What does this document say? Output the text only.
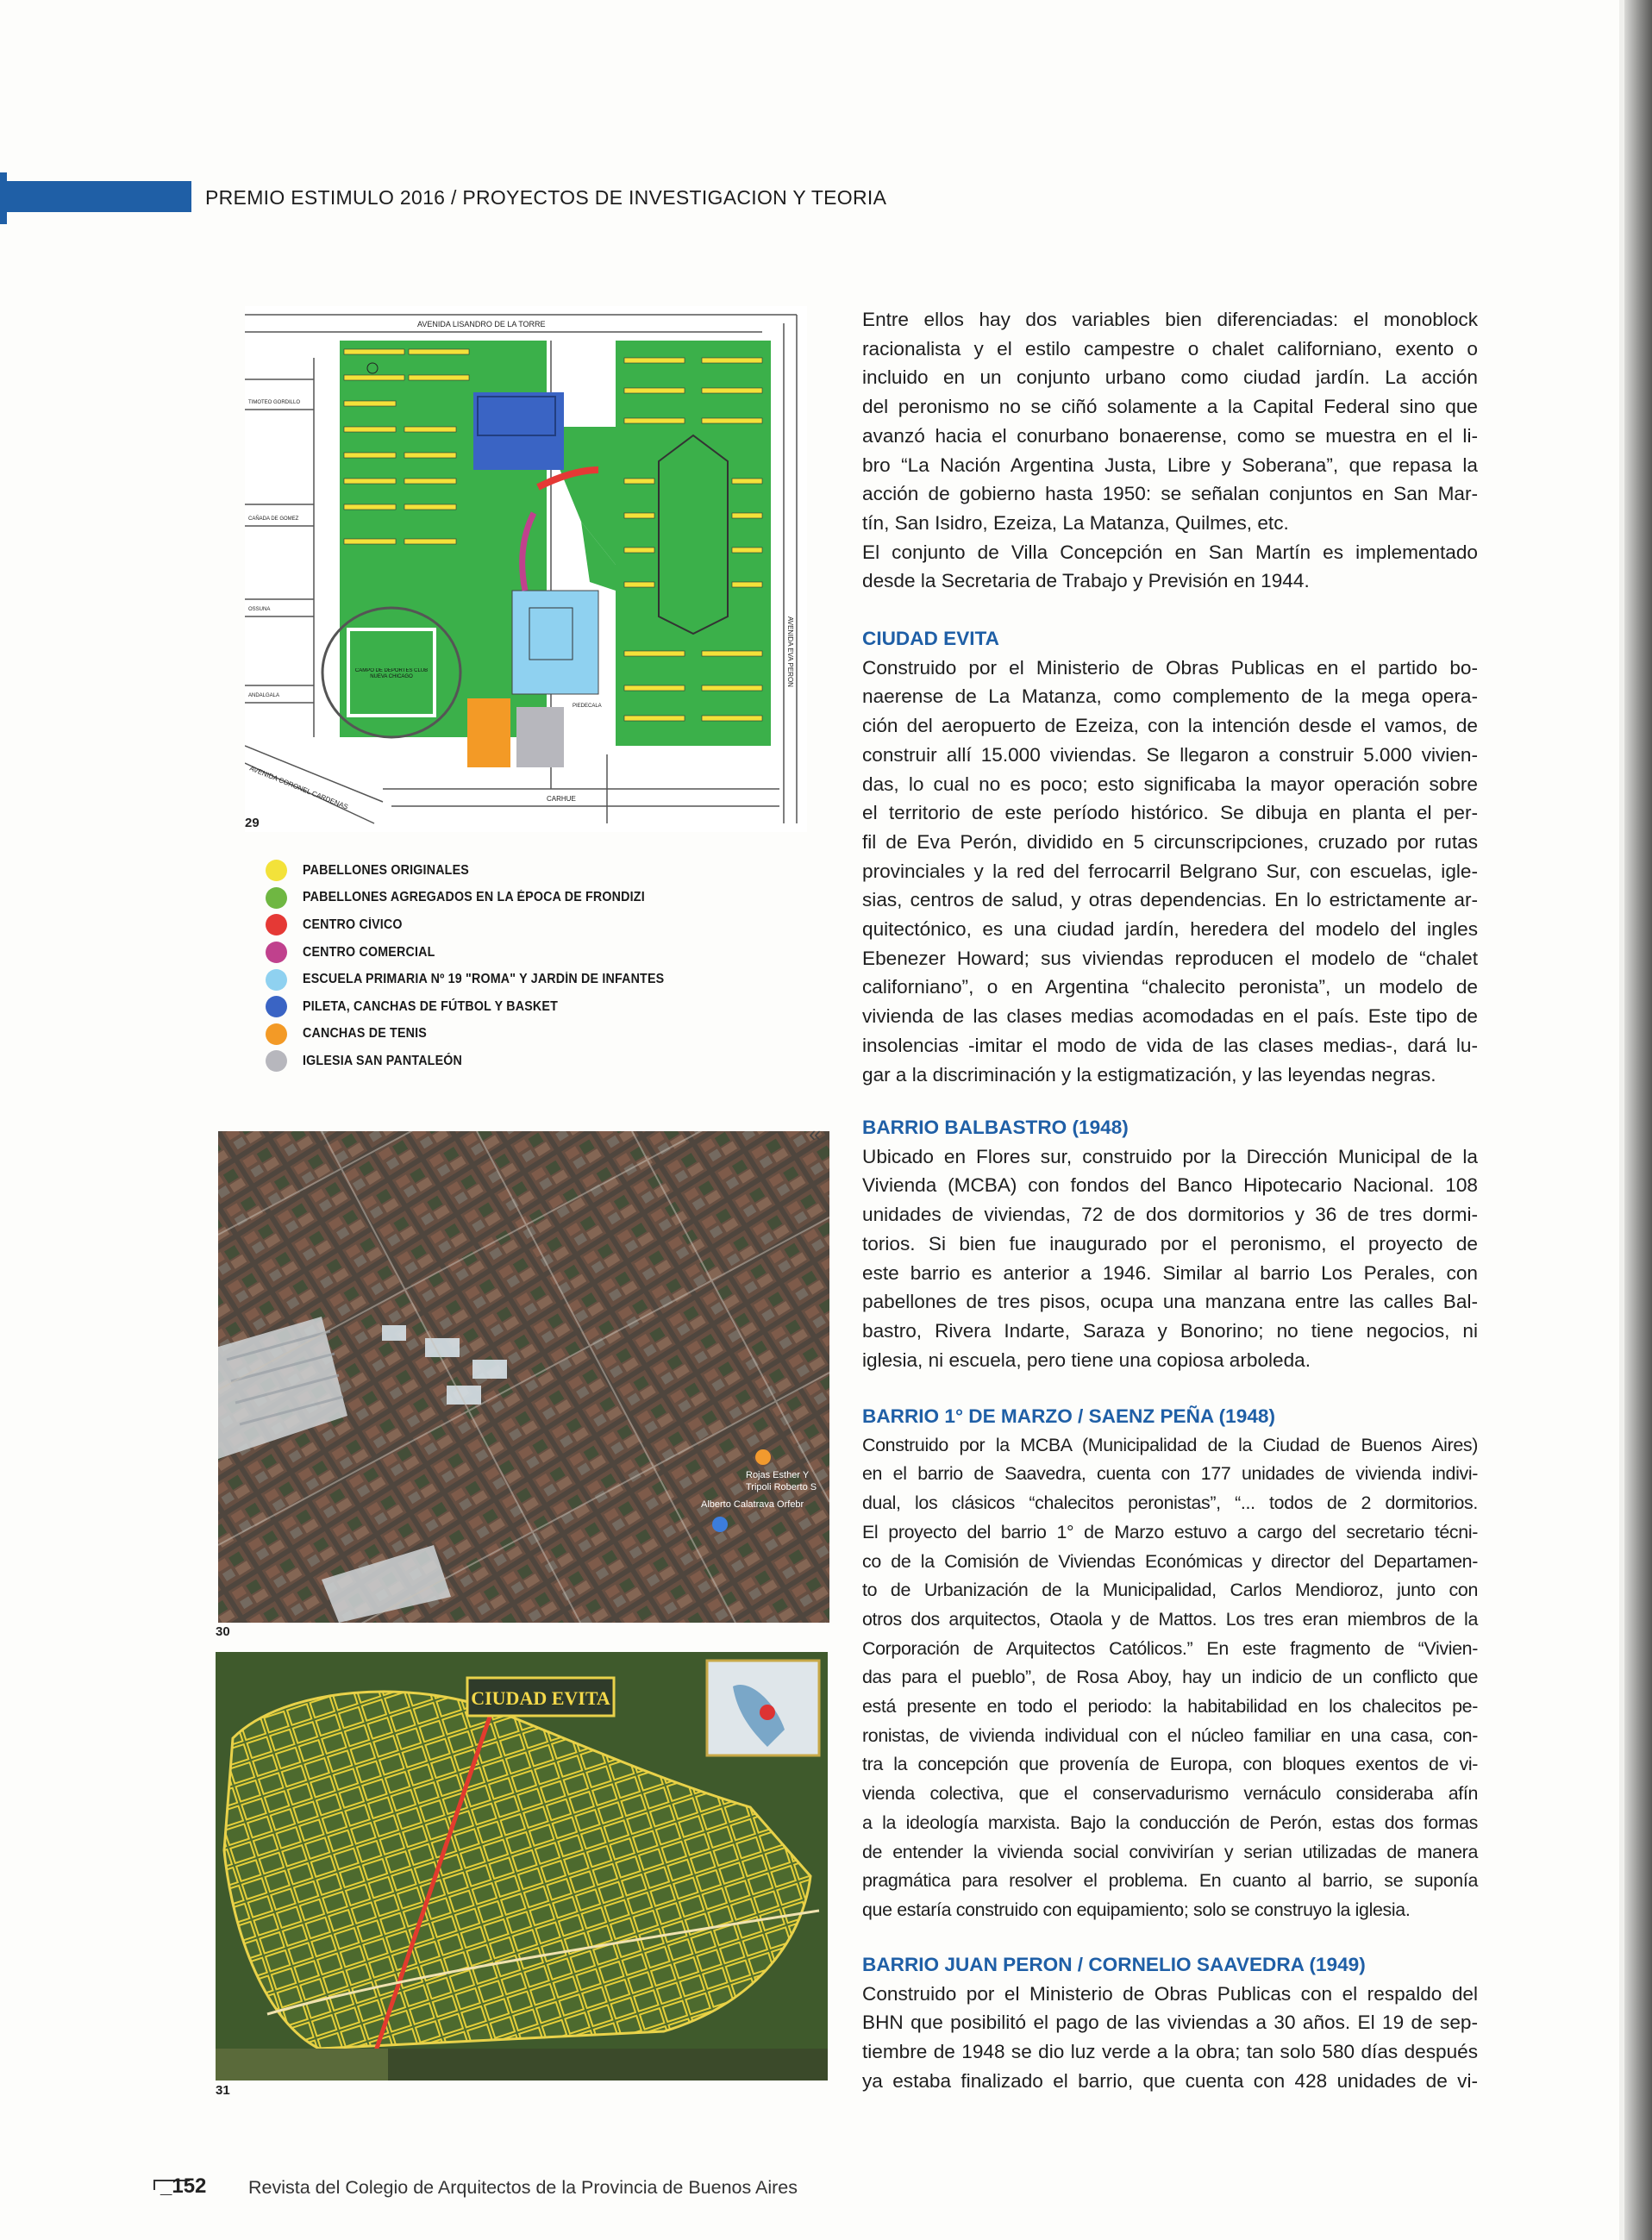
PREMIO ESTIMULO 2016 / PROYECTOS DE INVESTIGACION Y TEORIA
AVENIDA LISANDRO DE LA TORRE
AVENIDA EVA PERON
CARHUE
AVENIDA CORONEL CARDENAS
TIMOTEO GORDILLO
CAÑADA DE GOMEZ
OSSUNA
ANDALGALA
PIEDECALA
CAMPO DE DEPORTES CLUB NUEVA CHICAGO
29
PABELLONES ORIGINALES
PABELLONES AGREGADOS EN LA ÉPOCA DE FRONDIZI
CENTRO CÍVICO
CENTRO COMERCIAL
ESCUELA PRIMARIA Nº 19 "ROMA" Y JARDÍN DE INFANTES
PILETA, CANCHAS DE FÚTBOL Y BASKET
CANCHAS DE TENIS
IGLESIA SAN PANTALEÓN
Rojas Esther Y
Tripoli Roberto S
Alberto Calatrava Orfebr
«
30
CIUDAD EVITA
31

Entre ellos hay dos variables bien diferenciadas: el monoblock
racionalista y el estilo campestre o chalet californiano, exento o
incluido en un conjunto urbano como ciudad jardín. La acción
del peronismo no se ciñó solamente a la Capital Federal sino que
avanzó hacia el conurbano bonaerense, como se muestra en el li-
bro “La Nación Argentina Justa, Libre y Soberana”, que repasa la
acción de gobierno hasta 1950: se señalan conjuntos en San Mar-
tín, San Isidro, Ezeiza, La Matanza, Quilmes, etc.
El conjunto de Villa Concepción en San Martín es implementado
desde la Secretaria de Trabajo y Previsión en 1944.

CIUDAD EVITA

Construido por el Ministerio de Obras Publicas en el partido bo-
naerense de La Matanza, como complemento de la mega opera-
ción del aeropuerto de Ezeiza, con la intención desde el vamos, de
construir allí 15.000 viviendas. Se llegaron a construir 5.000 vivien-
das, lo cual no es poco; esto significaba la mayor operación sobre
el territorio de este período histórico. Se dibuja en planta el per-
fil de Eva Perón, dividido en 5 circunscripciones, cruzado por rutas
provinciales y la red del ferrocarril Belgrano Sur, con escuelas, igle-
sias, centros de salud, y otras dependencias. En lo estrictamente ar-
quitectónico, es una ciudad jardín, heredera del modelo del ingles
Ebenezer Howard; sus viviendas reproducen el modelo de “chalet
californiano”, o en Argentina “chalecito peronista”, un modelo de
vivienda de las clases medias acomodadas en el país. Este tipo de
insolencias -imitar el modo de vida de las clases medias-, dará lu-
gar a la discriminación y la estigmatización, y las leyendas negras.

BARRIO BALBASTRO (1948)

Ubicado en Flores sur, construido por la Dirección Municipal de la
Vivienda (MCBA) con fondos del Banco Hipotecario Nacional. 108
unidades de viviendas, 72 de dos dormitorios y 36 de tres dormi-
torios. Si bien fue inaugurado por el peronismo, el proyecto de
este barrio es anterior a 1946. Similar al barrio Los Perales, con
pabellones de tres pisos, ocupa una manzana entre las calles Bal-
bastro, Rivera Indarte, Saraza y Bonorino; no tiene negocios, ni
iglesia, ni escuela, pero tiene una copiosa arboleda.

BARRIO 1° DE MARZO / SAENZ PEÑA (1948)

Construido por la MCBA (Municipalidad de la Ciudad de Buenos Aires)
en el barrio de Saavedra, cuenta con 177 unidades de vivienda indivi-
dual, los clásicos “chalecitos peronistas”, “... todos de 2 dormitorios.
El proyecto del barrio 1° de Marzo estuvo a cargo del secretario técni-
co de la Comisión de Viviendas Económicas y director del Departamen-
to de Urbanización de la Municipalidad, Carlos Mendioroz, junto con
otros dos arquitectos, Otaola y de Mattos. Los tres eran miembros de la
Corporación de Arquitectos Católicos.” En este fragmento de “Vivien-
das para el pueblo”, de Rosa Aboy, hay un indicio de un conflicto que
está presente en todo el periodo: la habitabilidad en los chalecitos pe-
ronistas, de vivienda individual con el núcleo familiar en una casa, con-
tra la concepción que provenía de Europa, con bloques exentos de vi-
vienda colectiva, que el conservadurismo vernáculo consideraba afín
a la ideología marxista. Bajo la conducción de Perón, estas dos formas
de entender la vivienda social convivirían y serian utilizadas de manera
pragmática para resolver el problema. En cuanto al barrio, se suponía
que estaría construido con equipamiento; solo se construyo la iglesia.

BARRIO JUAN PERON / CORNELIO SAAVEDRA (1949)

Construido por el Ministerio de Obras Publicas con el respaldo del
BHN que posibilitó el pago de las viviendas a 30 años. El 19 de sep-
tiembre de 1948 se dio luz verde a la obra; tan solo 580 días después
ya estaba finalizado el barrio, que cuenta con 428 unidades de vi-

_152 Revista del Colegio de Arquitectos de la Provincia de Buenos Aires
